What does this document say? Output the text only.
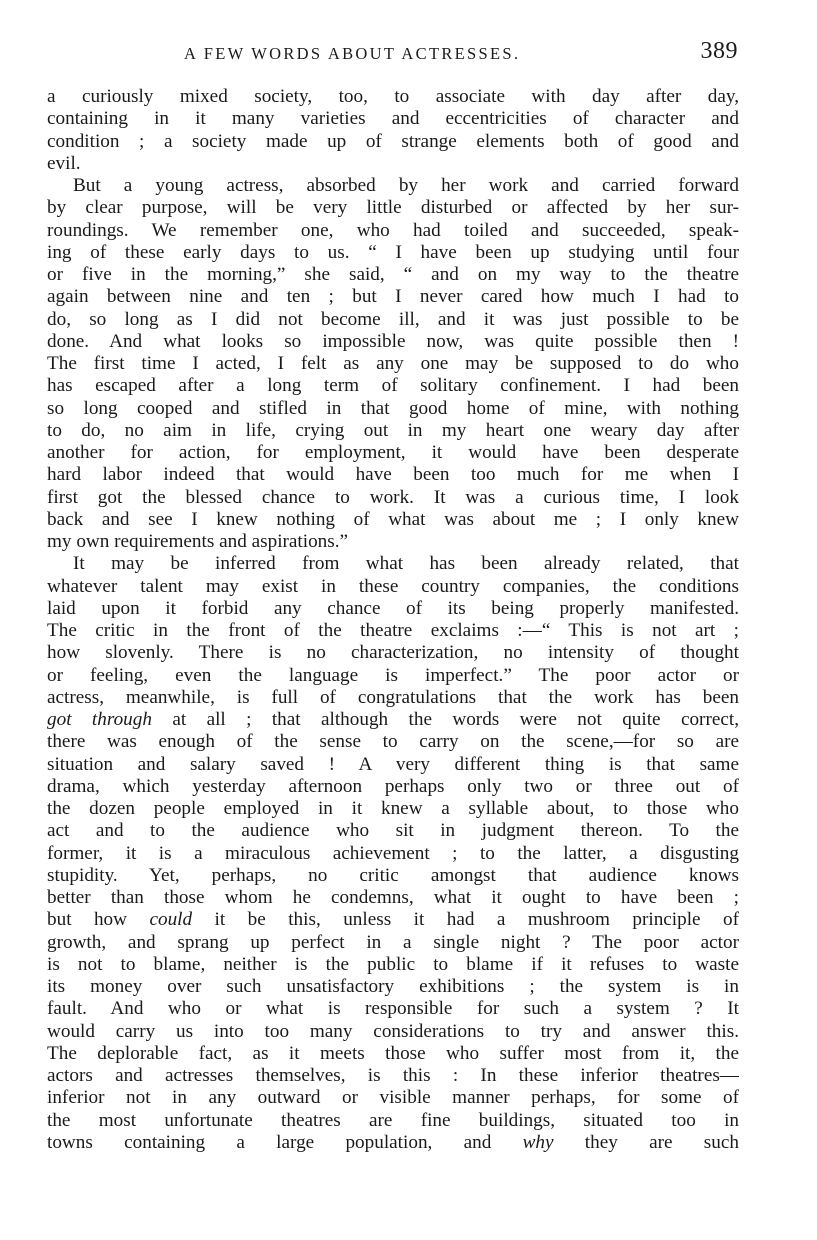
A FEW WORDS ABOUT ACTRESSES.	389
a curiously mixed society, too, to associate with day after day,
containing in it many varieties and eccentricities of character and
condition ; a society made up of strange elements both of good and
evil.
But a young actress, absorbed by her work and carried forward
by clear purpose, will be very little disturbed or affected by her sur-
roundings. We remember one, who had toiled and succeeded, speak-
ing of these early days to us. “ I have been up studying until four
or five in the morning,” she said, “ and on my way to the theatre
again between nine and ten ; but I never cared how much I had to
do, so long as I did not become ill, and it was just possible to be
done. And what looks so impossible now, was quite possible then !
The first time I acted, I felt as any one may be supposed to do who
has escaped after a long term of solitary confinement. I had been
so long cooped and stifled in that good home of mine, with nothing
to do, no aim in life, crying out in my heart one weary day after
another for action, for employment, it would have been desperate
hard labor indeed that would have been too much for me when I
first got the blessed chance to work. It was a curious time, I look
back and see I knew nothing of what was about me ; I only knew
my own requirements and aspirations.”
It may be inferred from what has been already related, that
whatever talent may exist in these country companies, the conditions
laid upon it forbid any chance of its being properly manifested.
The critic in the front of the theatre exclaims :—“ This is not art ;
how slovenly. There is no characterization, no intensity of thought
or feeling, even the language is imperfect.” The poor actor or
actress, meanwhile, is full of congratulations that the work has been
got through at all ; that although the words were not quite correct,
there was enough of the sense to carry on the scene,—for so are
situation and salary saved ! A very different thing is that same
drama, which yesterday afternoon perhaps only two or three out of
the dozen people employed in it knew a syllable about, to those who
act and to the audience who sit in judgment thereon. To the
former, it is a miraculous achievement ; to the latter, a disgusting
stupidity. Yet, perhaps, no critic amongst that audience knows
better than those whom he condemns, what it ought to have been ;
but how could it be this, unless it had a mushroom principle of
growth, and sprang up perfect in a single night ? The poor actor
is not to blame, neither is the public to blame if it refuses to waste
its money over such unsatisfactory exhibitions ; the system is in
fault. And who or what is responsible for such a system ? It
would carry us into too many considerations to try and answer this.
The deplorable fact, as it meets those who suffer most from it, the
actors and actresses themselves, is this : In these inferior theatres—
inferior not in any outward or visible manner perhaps, for some of
the most unfortunate theatres are fine buildings, situated too in
towns containing a large population, and why they are such
